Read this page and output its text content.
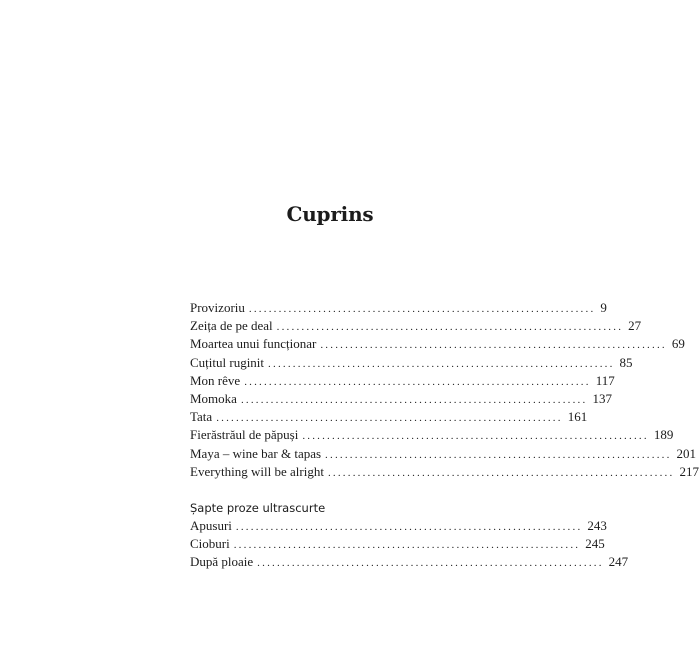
Cuprins
Provizoriu ...................................................................... 9
Zeița de pe deal ...................................................................... 27
Moartea unui funcționar ...................................................................... 69
Cuțitul ruginit ...................................................................... 85
Mon rêve ...................................................................... 117
Momoka ...................................................................... 137
Tata ...................................................................... 161
Fierăstrăul de păpuși ...................................................................... 189
Maya – wine bar & tapas ...................................................................... 201
Everything will be alright ...................................................................... 217
Șapte proze ultrascurte
Apusuri ...................................................................... 243
Cioburi ...................................................................... 245
După ploaie ...................................................................... 247
